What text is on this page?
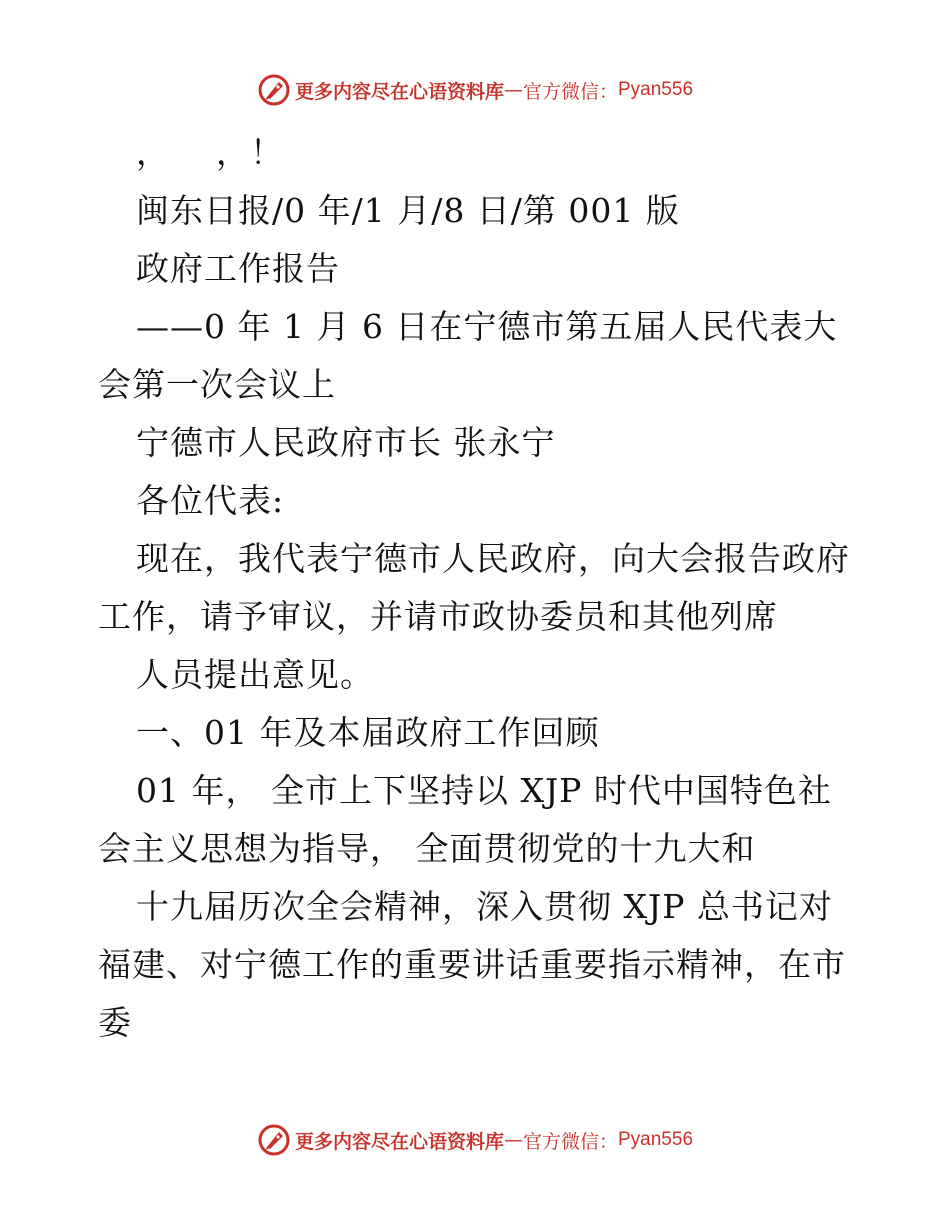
更多内容尽在心语资料库 — 官方微信： Pyan556
，    ，！
闽东日报/0 年/1 月/8 日/第 001 版
政府工作报告
——0 年 1 月 6 日在宁德市第五届人民代表大
会第一次会议上
宁德市人民政府市长 张永宁
各位代表:
现在，我代表宁德市人民政府，向大会报告政府
工作，请予审议，并请市政协委员和其他列席
人员提出意见。
一、01 年及本届政府工作回顾
01 年， 全市上下坚持以 XJP 时代中国特色社
会主义思想为指导， 全面贯彻党的十九大和
十九届历次全会精神，深入贯彻 XJP 总书记对
福建、对宁德工作的重要讲话重要指示精神，在市
委
更多内容尽在心语资料库 — 官方微信： Pyan556
